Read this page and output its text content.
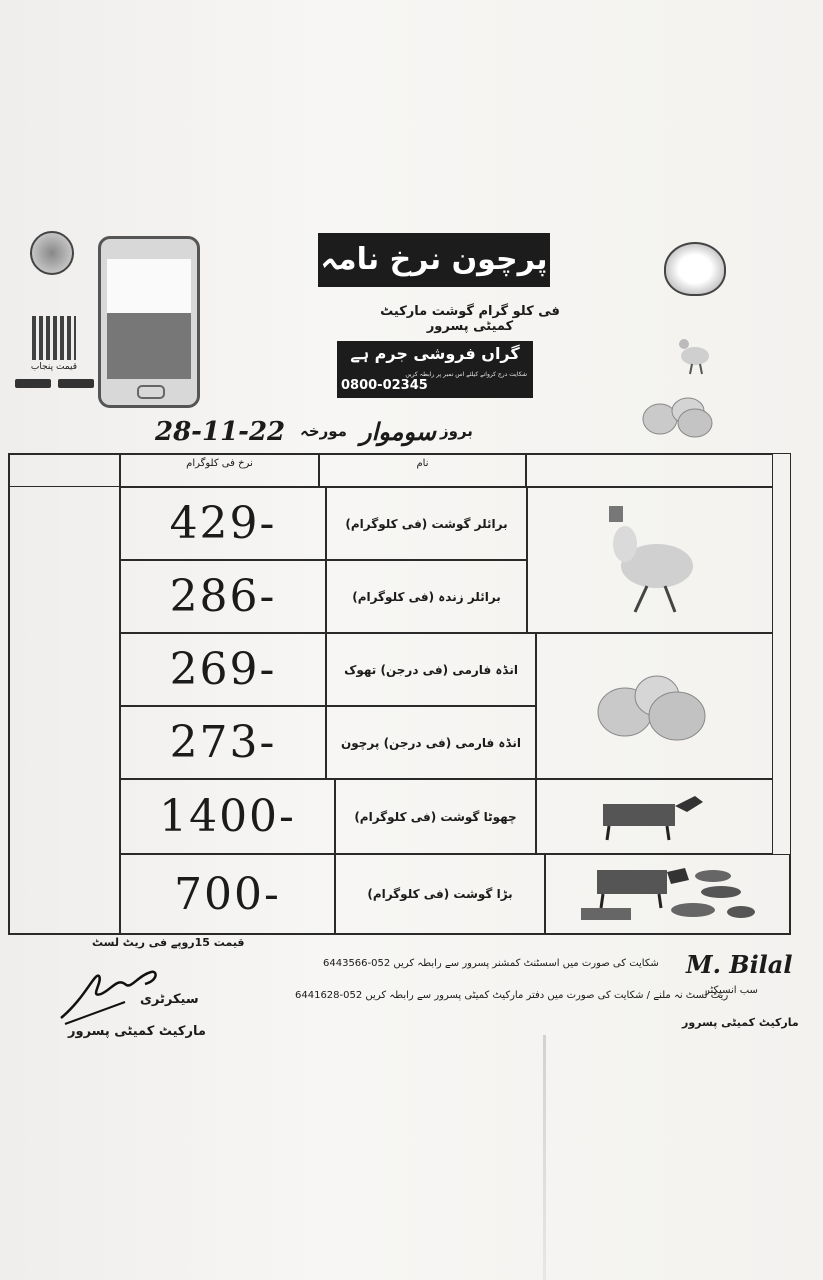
قیمت پنجاب
پرچون نرخ نامہ
فی کلو گرام گوشت مارکیٹ کمیٹی پسرور
گراں فروشی جرم ہے
شکایت درج کروانے کیلئے اس نمبر پر رابطہ کریں
0800-02345
28-11-22 مورخہ سوموار بروز
نرخ فی کلوگرام	نام
429-	برائلر گوشت (فی کلوگرام)
286-	برائلر زندہ (فی کلوگرام)
269-	انڈہ فارمی (فی درجن) تھوک
273-	انڈہ فارمی (فی درجن) پرچون
1400-	چھوٹا گوشت (فی کلوگرام)
700-	بڑا گوشت (فی کلوگرام)
قیمت 15روپے فی ریٹ لسٹ
شکایت کی صورت میں اسسٹنٹ کمشنر پسرور سے رابطہ کریں 052-6443566
ریٹ لسٹ نہ ملنے / شکایت کی صورت میں دفتر مارکیٹ کمیٹی پسرور سے رابطہ کریں 052-6441628
سیکرٹری
مارکیٹ کمیٹی پسرور
M. Bilal
سب انسپکٹر
مارکیٹ کمیٹی پسرور
